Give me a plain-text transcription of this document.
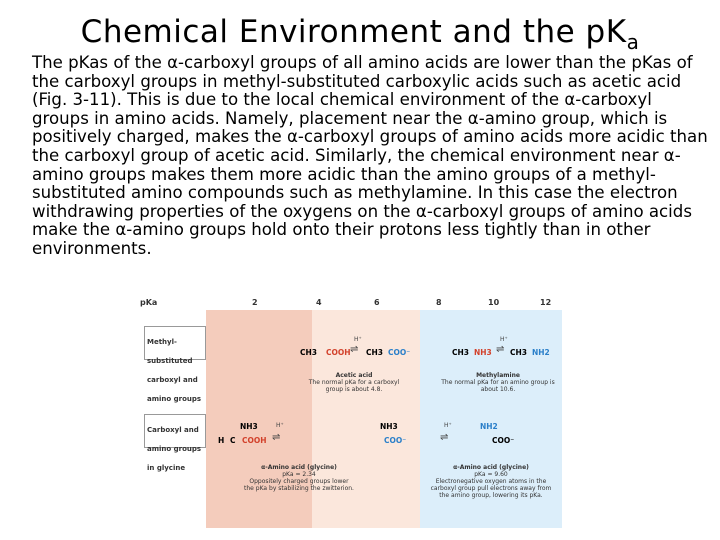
Chemical Environment and the $pK_a$

The pKas of the α-carboxyl groups of all amino acids are lower than the pKas of the carboxyl groups in methyl-substituted carboxylic acids such as acetic acid (Fig. 3-11). This is due to the local chemical environment of the α-carboxyl groups in amino acids. Namely, placement near the α-amino group, which is positively charged, makes the α-carboxyl groups of amino acids more acidic than the carboxyl group of acetic acid. Similarly, the chemical environment near α-amino groups makes them more acidic than the amino groups of a methyl-substituted amino compounds such as methylamine. In this case the electron withdrawing properties of the oxygens on the α-carboxyl groups of amino acids make the α-amino groups hold onto their protons less tightly than in other environments.

pKa	2	4	6	8	10	12
Methyl-substituted carboxyl and amino groups
Carboxyl and amino groups in glycine
CH3 COOH ⇌
H⁺
CH3 COO⁻
Acetic acid
The normal pKa for a carboxyl group is about 4.8.
CH3 NH3 ⇌
H⁺
CH3 NH2
Methylamine
The normal pKa for an amino group is about 10.6.
NH3
H C COOH ⇌
H⁺	NH3
COO⁻	⇌
H⁺	NH2
COO⁻
α-Amino acid (glycine)
pKa = 2.34
Oppositely charged groups lower the pKa by stabilizing the zwitterion.
α-Amino acid (glycine)
pKa = 9.60
Electronegative oxygen atoms in the carboxyl group pull electrons away from the amino group, lowering its pKa.
